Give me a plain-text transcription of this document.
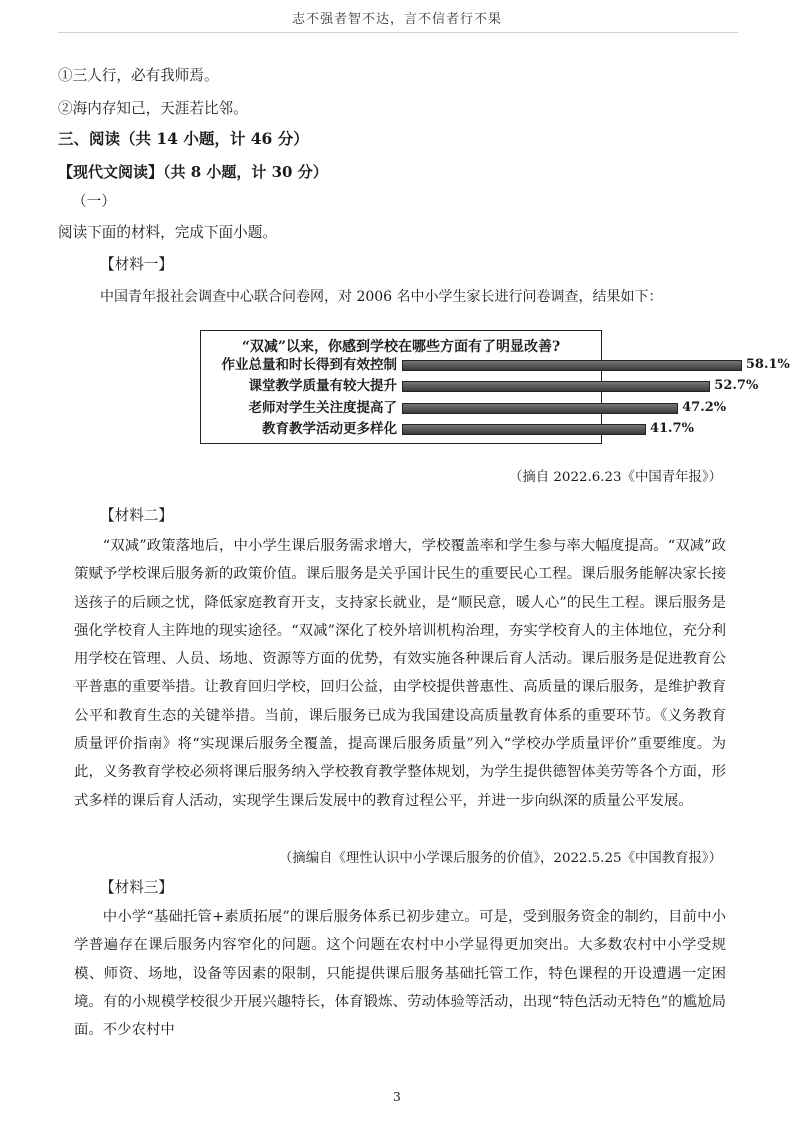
志不强者智不达，言不信者行不果
①三人行，必有我师焉。
②海内存知己，天涯若比邻。
三、阅读（共 14 小题，计 46 分）
【现代文阅读】（共 8 小题，计 30 分）
（一）
阅读下面的材料，完成下面小题。
【材料一】
中国青年报社会调查中心联合问卷网，对 2006 名中小学生家长进行问卷调查，结果如下：
“双减”以来，你感到学校在哪些方面有了明显改善?
作业总量和时长得到有效控制	58.1%
课堂教学质量有较大提升	52.7%
老师对学生关注度提高了	47.2%
教育教学活动更多样化	41.7%
（摘自 2022.6.23《中国青年报》）
【材料二】
“双减”政策落地后，中小学生课后服务需求增大，学校覆盖率和学生参与率大幅度提高。“双减”政策赋予学校课后服务新的政策价值。课后服务是关乎国计民生的重要民心工程。课后服务能解决家长接送孩子的后顾之忧，降低家庭教育开支，支持家长就业，是“顺民意，暖人心”的民生工程。课后服务是强化学校育人主阵地的现实途径。“双减”深化了校外培训机构治理，夯实学校育人的主体地位，充分利用学校在管理、人员、场地、资源等方面的优势，有效实施各种课后育人活动。课后服务是促进教育公平普惠的重要举措。让教育回归学校，回归公益，由学校提供普惠性、高质量的课后服务，是维护教育公平和教育生态的关键举措。当前，课后服务已成为我国建设高质量教育体系的重要环节。《义务教育质量评价指南》将“实现课后服务全覆盖，提高课后服务质量”列入“学校办学质量评价”重要维度。为此，义务教育学校必须将课后服务纳入学校教育教学整体规划，为学生提供德智体美劳等各个方面，形式多样的课后育人活动，实现学生课后发展中的教育过程公平，并进一步向纵深的质量公平发展。
（摘编自《理性认识中小学课后服务的价值》，2022.5.25《中国教育报》）
【材料三】
中小学“基础托管+素质拓展”的课后服务体系已初步建立。可是，受到服务资金的制约，目前中小学普遍存在课后服务内容窄化的问题。这个问题在农村中小学显得更加突出。大多数农村中小学受规模、师资、场地，设备等因素的限制，只能提供课后服务基础托管工作，特色课程的开设遭遇一定困境。有的小规模学校很少开展兴趣特长，体育锻炼、劳动体验等活动，出现“特色活动无特色”的尴尬局面。不少农村中
3
